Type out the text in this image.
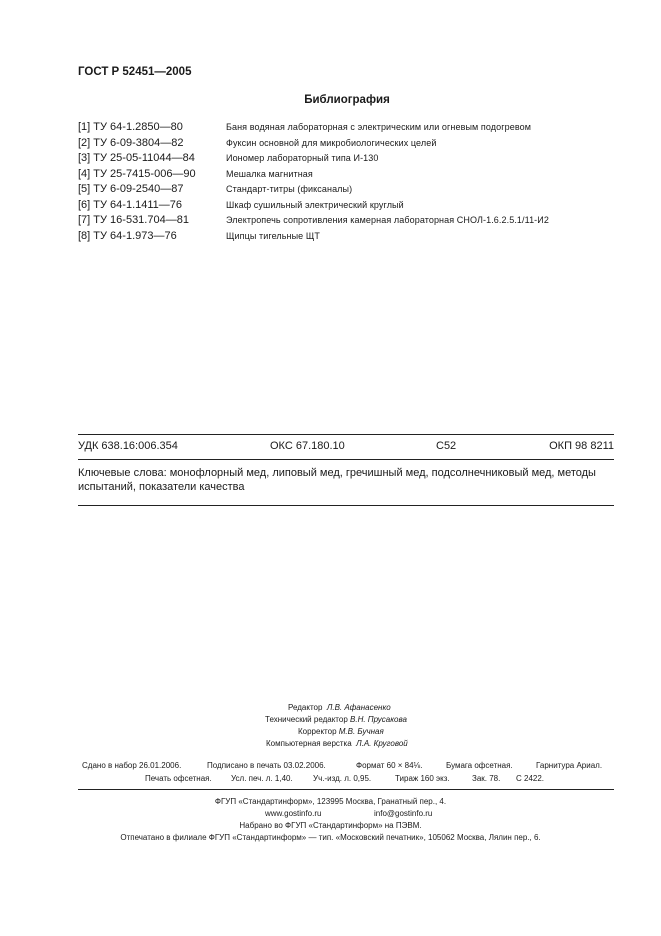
ГОСТ Р 52451—2005
Библиография
[1] ТУ 64-1.2850—80	Баня водяная лабораторная с электрическим или огневым подогревом
[2] ТУ 6-09-3804—82	Фуксин основной для микробиологических целей
[3] ТУ 25-05-11044—84	Иономер лабораторный типа И-130
[4] ТУ 25-7415-006—90	Мешалка магнитная
[5] ТУ 6-09-2540—87	Стандарт-титры (фиксаналы)
[6] ТУ 64-1.1411—76	Шкаф сушильный электрический круглый
[7] ТУ 16-531.704—81	Электропечь сопротивления камерная лабораторная СНОЛ-1.6.2.5.1/11-И2
[8] ТУ 64-1.973—76	Щипцы тигельные ЩТ
УДК 638.16:006.354	ОКС 67.180.10	С52	ОКП 98 8211
Ключевые слова: монофлорный мед, липовый мед, гречишный мед, подсолнечниковый мед, методы
испытаний, показатели качества
Редактор Л.В. Афанасенко
Технический редактор В.Н. Прусакова
Корректор М.В. Бучная
Компьютерная верстка Л.А. Круговой
Сдано в набор 26.01.2006.	Подписано в печать 03.02.2006.	Формат 60 × 84⅛.	Бумага офсетная.	Гарнитура Ариал.
Печать офсетная. Усл. печ. л. 1,40.	Уч.-изд. л. 0,95.	Тираж 160 экз.	Зак. 78. С 2422.
ФГУП «Стандартинформ», 123995 Москва, Гранатный пер., 4.
www.gostinfo.ru	info@gostinfo.ru
Набрано во ФГУП «Стандартинформ» на ПЭВМ.
Отпечатано в филиале ФГУП «Стандартинформ» — тип. «Московский печатник», 105062 Москва, Лялин пер., 6.
